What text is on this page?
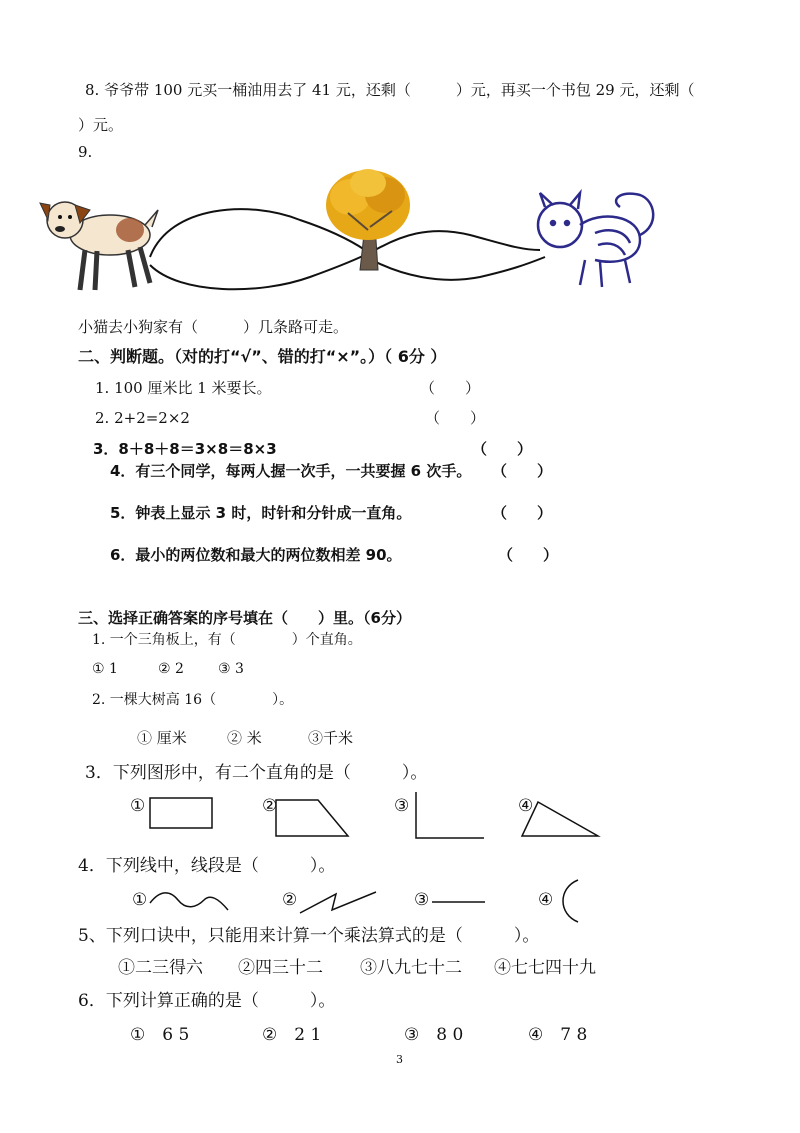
8. 爷爷带 100 元买一桶油用去了 41 元，还剩（　　　）元，再买一个书包 29 元，还剩（
）元。
9.
小猫去小狗家有（　　　）几条路可走。
二、判断题。（对的打“√”、错的打“×”。）（ 6分 ）
1. 100 厘米比 1 米要长。	（　　）
2. 2+2=2×2	（　　）
3．8＋8＋8＝3×8＝8×3	（　　）
4．有三个同学，每两人握一次手，一共要握 6 次手。 （　　）
5．钟表上显示 3 时，时针和分针成一直角。	（　　）
6．最小的两位数和最大的两位数相差 90。	（　　）
三、选择正确答案的序号填在（　　）里。（6分）
1. 一个三角板上，有（　　　　）个直角。
① 1	② 2 ③ 3
2. 一棵大树高 16（　　　　）。
① 厘米	② 米	③千米
3．下列图形中，有二个直角的是（　　　）。
①	②	③	④
4．下列线中，线段是（　　　）。
①	②	③	④
5、下列口诀中，只能用来计算一个乘法算式的是（　　　）。
①二三得六 ②四三十二 ③八九七十二 ④七七四十九
6．下列计算正确的是（　　　）。
①　6 5	②　2 1	③　8 0	④　7 8
3
